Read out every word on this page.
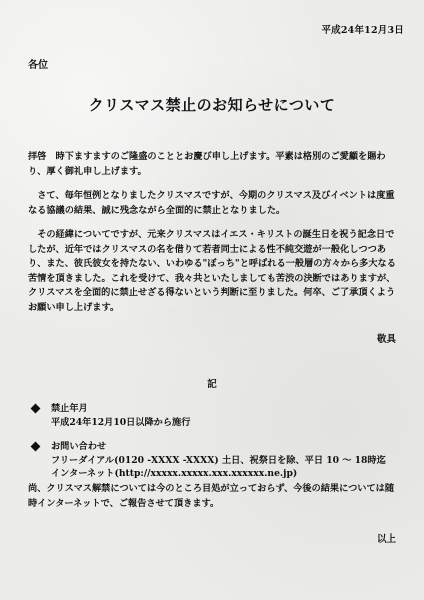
平成24年12月3日
各位
クリスマス禁止のお知らせについて

拝啓　時下ますますのご隆盛のこととお慶び申し上げます。平素は格別のご愛顧を賜わり、厚く御礼申し上げます。

さて、毎年恒例となりましたクリスマスですが、今期のクリスマス及びイベントは度重なる協議の結果、誠に残念ながら全面的に禁止となりました。

その経緯についてですが、元来クリスマスはイエス・キリストの誕生日を祝う記念日でしたが、近年ではクリスマスの名を借りて若者同士による性不純交遊が一般化しつつあり、また、彼氏彼女を持たない、いわゆる"ぼっち"と呼ばれる一般層の方々から多大なる苦情を頂きました。これを受けて、我々共といたしましても苦渋の決断ではありますが、クリスマスを全面的に禁止せざる得ないという判断に至りました。何卒、ご了承頂くようお願い申し上げます。

敬具
記
禁止年月
平成24年12月10日以降から施行
お問い合わせ
フリーダイアル(0120 -XXXX -XXXX) 土日、祝祭日を除、平日 10 〜 18時迄
インターネット(http://xxxxx.xxxxx.xxx.xxxxxx.ne.jp)
尚、クリスマス解禁については今のところ目処が立っておらず、今後の結果については随時インターネットで、ご報告させて頂きます。
以上
